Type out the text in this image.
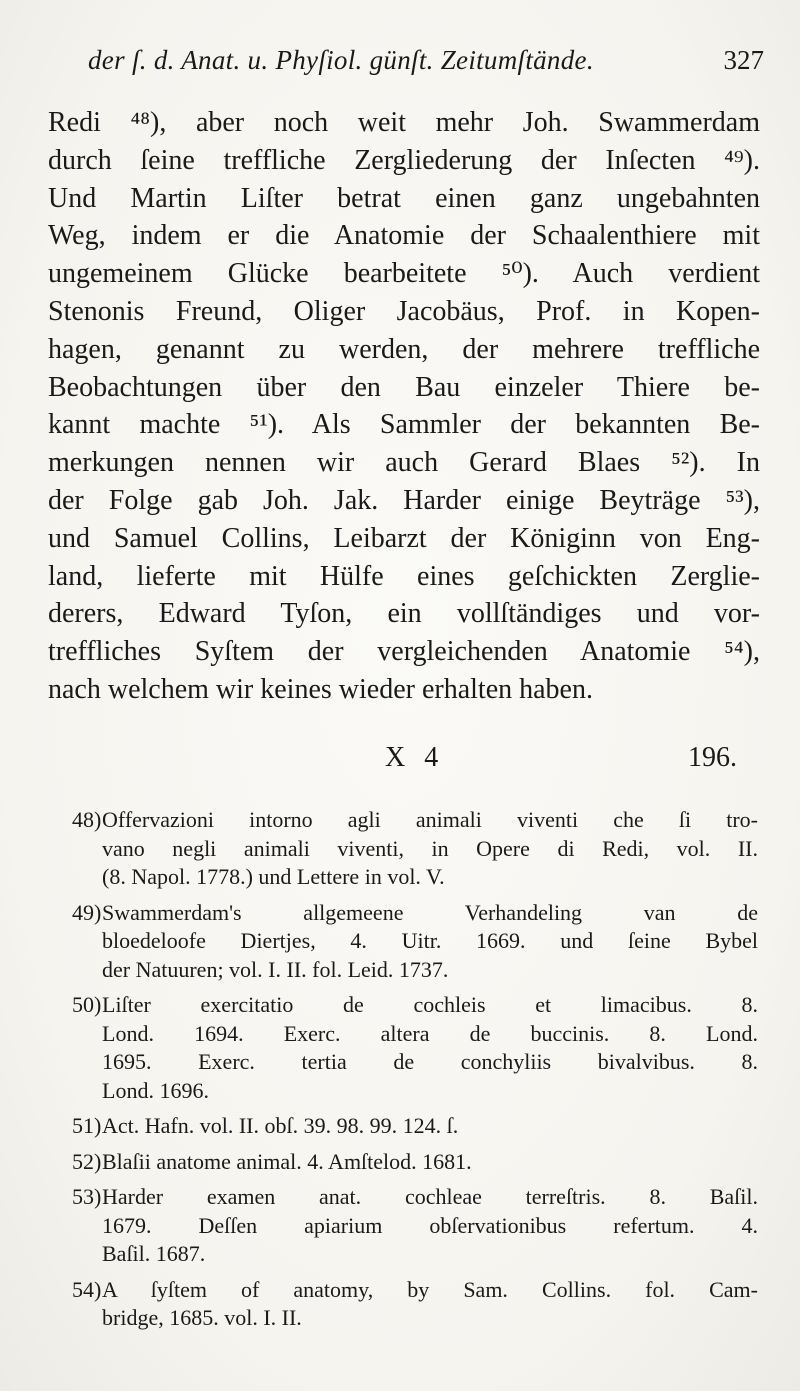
der ſ. d. Anat. u. Phyſiol. günſt. Zeitumſtände.	327
Redi ⁴⁸), aber noch weit mehr Joh. Swammerdam
durch ſeine treffliche Zergliederung der Inſecten ⁴⁹).
Und Martin Liſter betrat einen ganz ungebahnten
Weg, indem er die Anatomie der Schaalenthiere mit
ungemeinem Glücke bearbeitete ⁵⁰). Auch verdient
Stenonis Freund, Oliger Jacobäus, Prof. in Kopen-
hagen, genannt zu werden, der mehrere treffliche
Beobachtungen über den Bau einzeler Thiere be-
kannt machte ⁵¹). Als Sammler der bekannten Be-
merkungen nennen wir auch Gerard Blaes ⁵²). In
der Folge gab Joh. Jak. Harder einige Beyträge ⁵³),
und Samuel Collins, Leibarzt der Königinn von Eng-
land, lieferte mit Hülfe eines geſchickten Zerglie-
derers, Edward Tyſon, ein vollſtändiges und vor-
treffliches Syſtem der vergleichenden Anatomie ⁵⁴),
nach welchem wir keines wieder erhalten haben.
X 4	196.
48) Offervazioni intorno agli animali viventi che ſi tro-
vano negli animali viventi, in Opere di Redi, vol. II.
(8. Napol. 1778.) und Lettere in vol. V.
49) Swammerdam's allgemeene Verhandeling van de
bloedeloofe Diertjes, 4. Uitr. 1669. und ſeine Bybel
der Natuuren; vol. I. II. fol. Leid. 1737.
50) Liſter exercitatio de cochleis et limacibus. 8.
Lond. 1694. Exerc. altera de buccinis. 8. Lond.
1695. Exerc. tertia de conchyliis bivalvibus. 8.
Lond. 1696.
51) Act. Hafn. vol. II. obſ. 39. 98. 99. 124. ſ.
52) Blaſii anatome animal. 4. Amſtelod. 1681.
53) Harder examen anat. cochleae terreſtris. 8. Baſil.
1679. Deſſen apiarium obſervationibus refertum. 4.
Baſil. 1687.
54) A ſyſtem of anatomy, by Sam. Collins. fol. Cam-
bridge, 1685. vol. I. II.
